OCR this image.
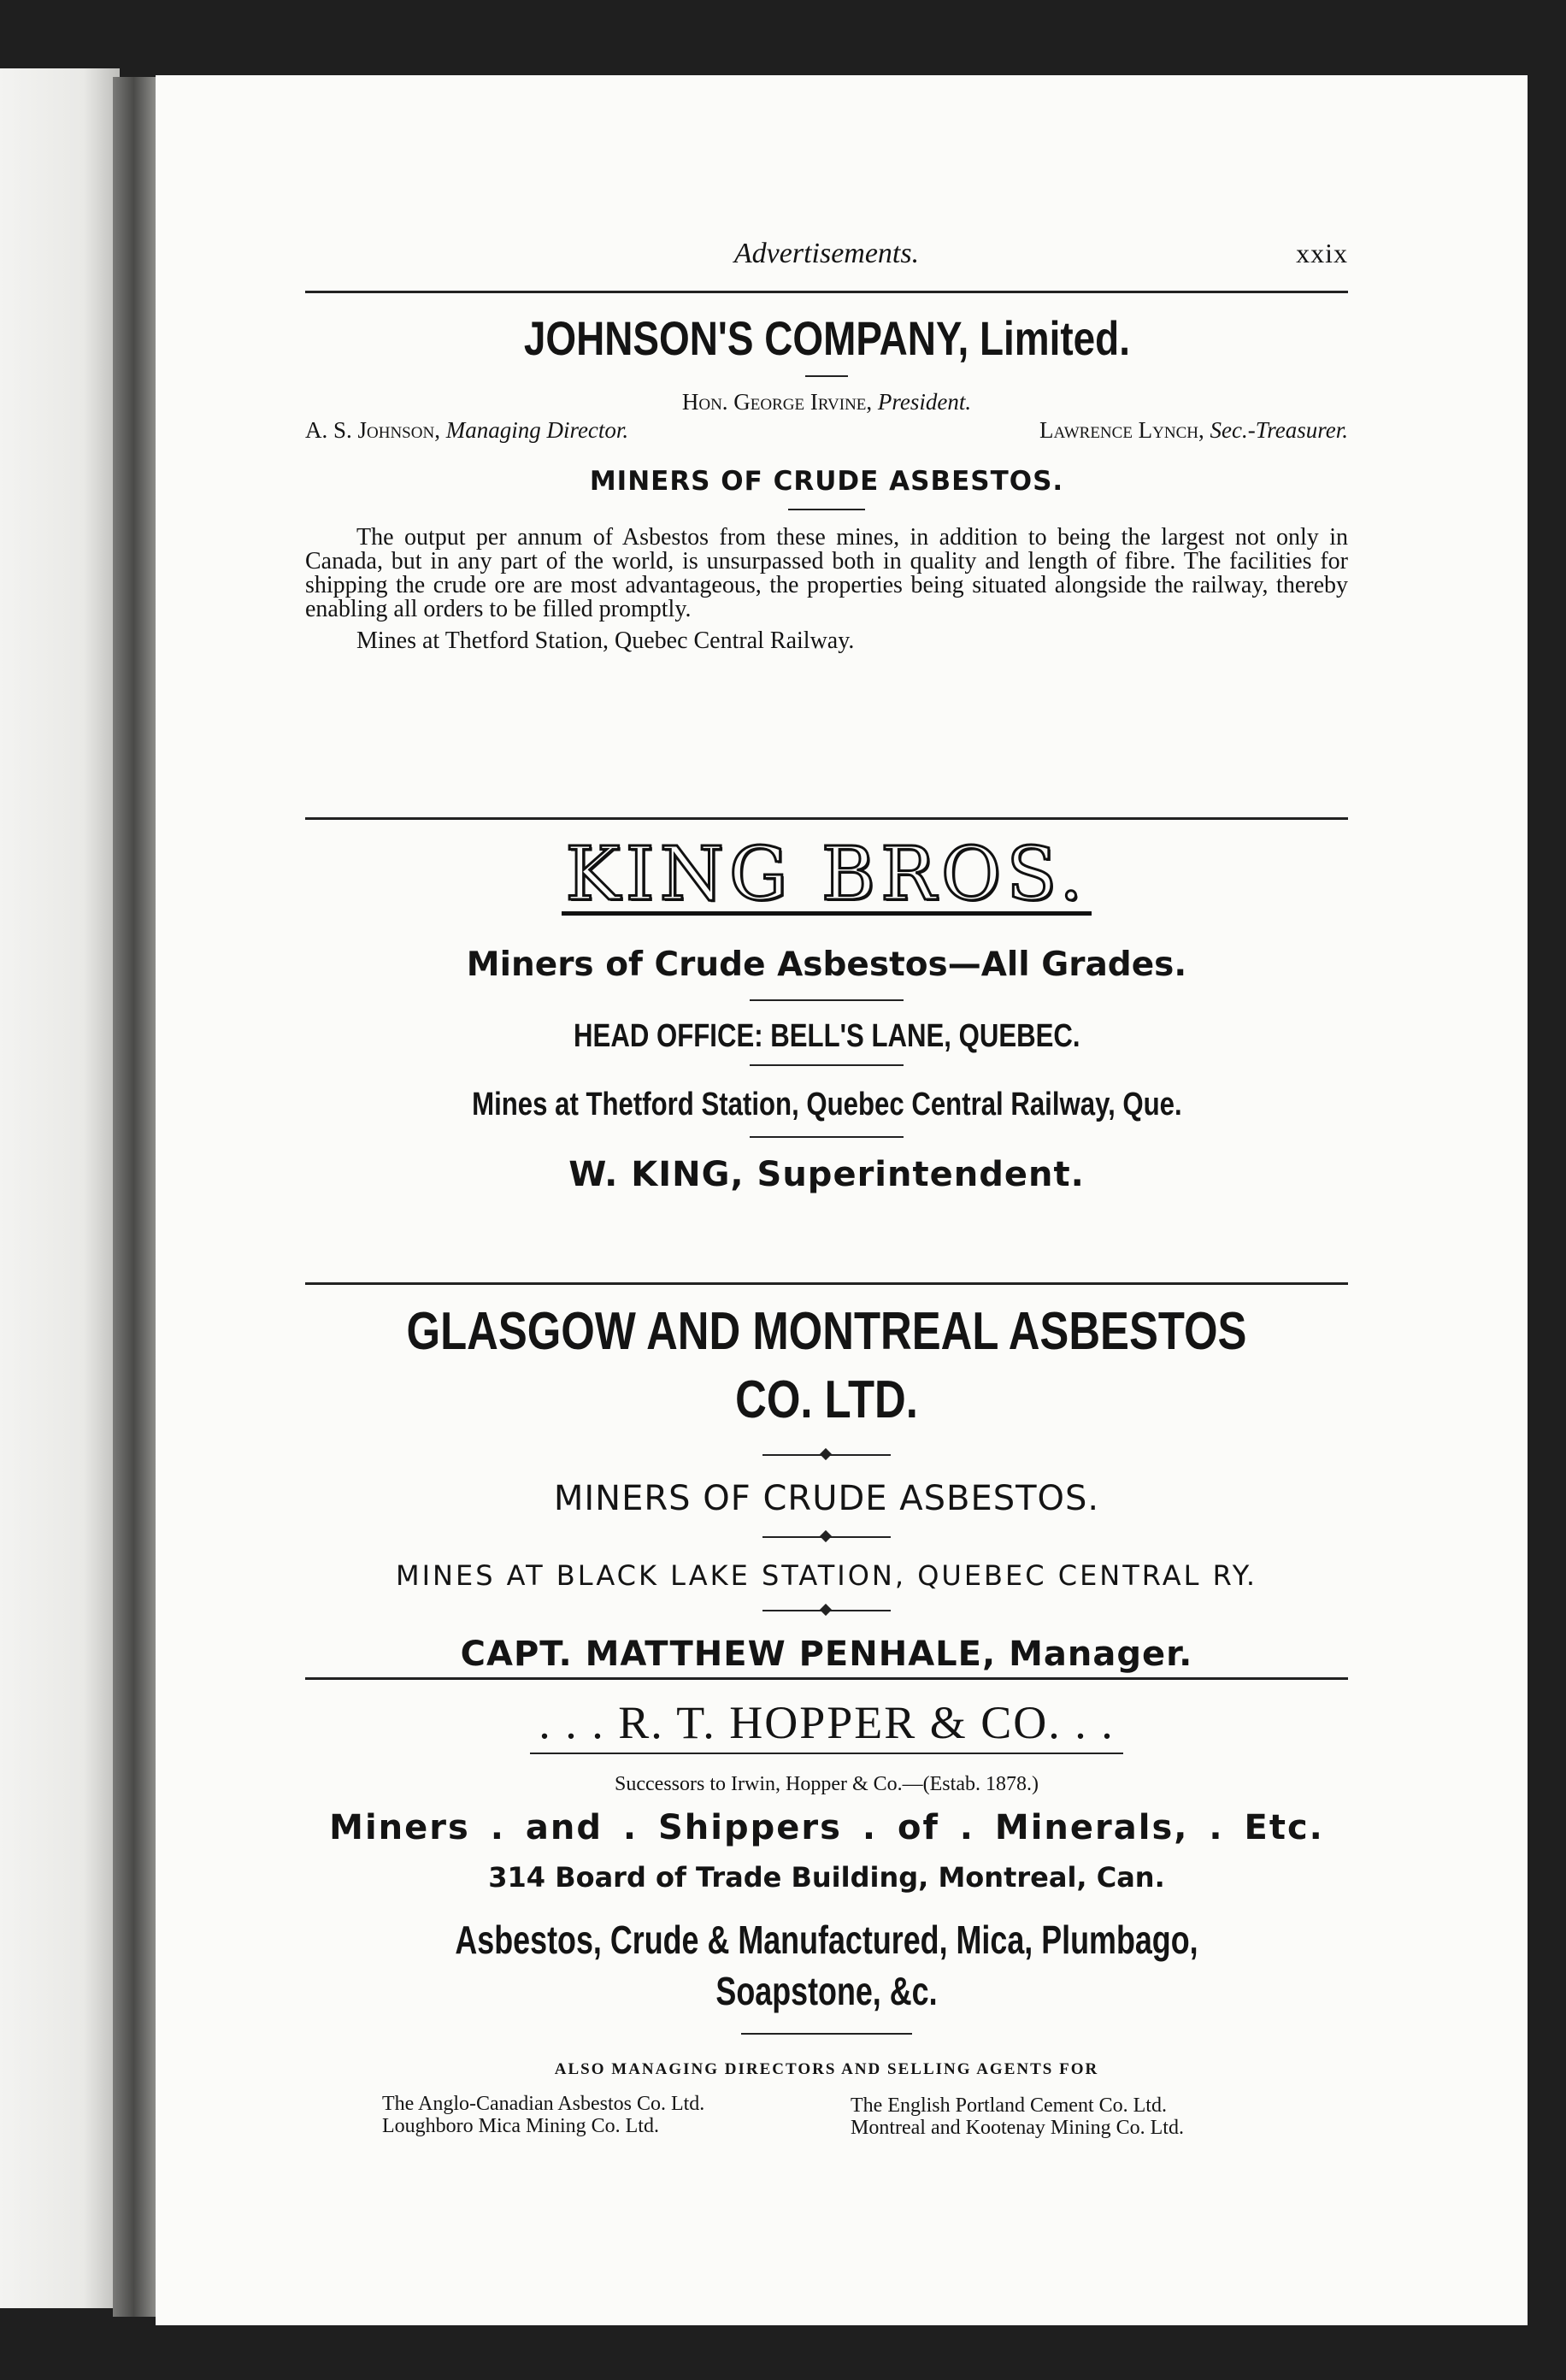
Advertisements.	xxix
JOHNSON'S COMPANY, Limited.
Hon. George Irvine, President.
A. S. Johnson, Managing Director.	Lawrence Lynch, Sec.-Treasurer.
MINERS OF CRUDE ASBESTOS.
The output per annum of Asbestos from these mines, in addition to being the largest not only in Canada, but in any part of the world, is unsurpassed both in quality and length of fibre. The facilities for shipping the crude ore are most advantageous, the properties being situated alongside the railway, thereby enabling all orders to be filled promptly.
Mines at Thetford Station, Quebec Central Railway.
KING BROS.
Miners of Crude Asbestos—All Grades.
HEAD OFFICE: BELL'S LANE, QUEBEC.
Mines at Thetford Station, Quebec Central Railway, Que.
W. KING, Superintendent.
GLASGOW AND MONTREAL ASBESTOS CO. LTD.
MINERS OF CRUDE ASBESTOS.
MINES AT BLACK LAKE STATION, QUEBEC CENTRAL RY.
CAPT. MATTHEW PENHALE, Manager.
. . . R. T. HOPPER & CO. . .
Successors to Irwin, Hopper & Co.—(Estab. 1878.)
Miners . and . Shippers . of . Minerals, . Etc.
314 Board of Trade Building, Montreal, Can.
Asbestos, Crude & Manufactured, Mica, Plumbago, Soapstone, &c.
ALSO MANAGING DIRECTORS AND SELLING AGENTS FOR
The Anglo-Canadian Asbestos Co. Ltd.
Loughboro Mica Mining Co. Ltd.
The English Portland Cement Co. Ltd.
Montreal and Kootenay Mining Co. Ltd.
